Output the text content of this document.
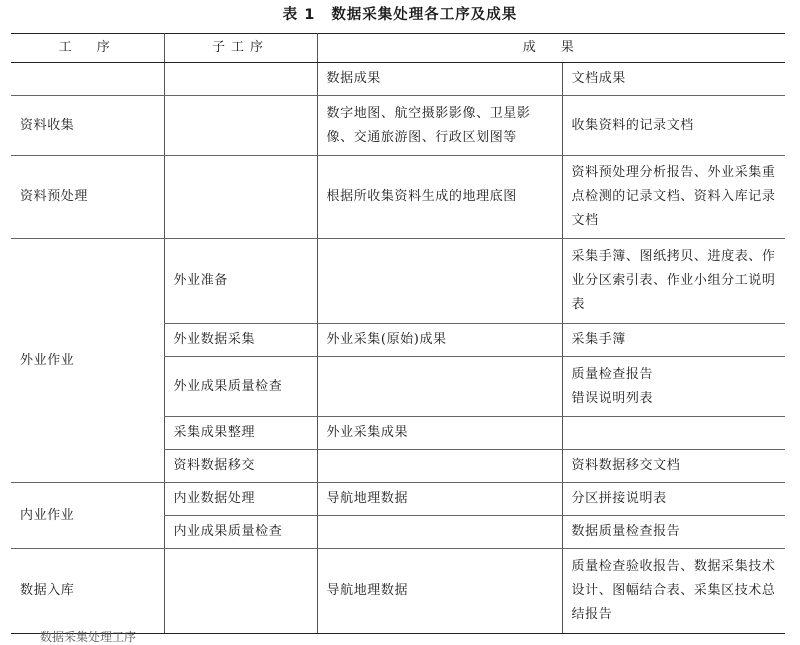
表 1 数据采集处理各工序及成果
工　序	子工序	成　果	
		数据成果	文档成果
资料收集		数字地图、航空摄影影像、卫星影像、交通旅游图、行政区划图等	收集资料的记录文档
资料预处理		根据所收集资料生成的地理底图	资料预处理分析报告、外业采集重点检测的记录文档、资料入库记录文档
外业作业	外业准备		采集手簿、图纸拷贝、进度表、作业分区索引表、作业小组分工说明表
	外业数据采集	外业采集(原始)成果	采集手簿
	外业成果质量检查		质量检查报告
错误说明列表

	采集成果整理	外业采集成果	
	资料数据移交		资料数据移交文档
内业作业	内业数据处理	导航地理数据	分区拼接说明表
	内业成果质量检查		数据质量检查报告
数据入库		导航地理数据	质量检查验收报告、数据采集技术设计、图幅结合表、采集区技术总结报告
数据采集处理工序
